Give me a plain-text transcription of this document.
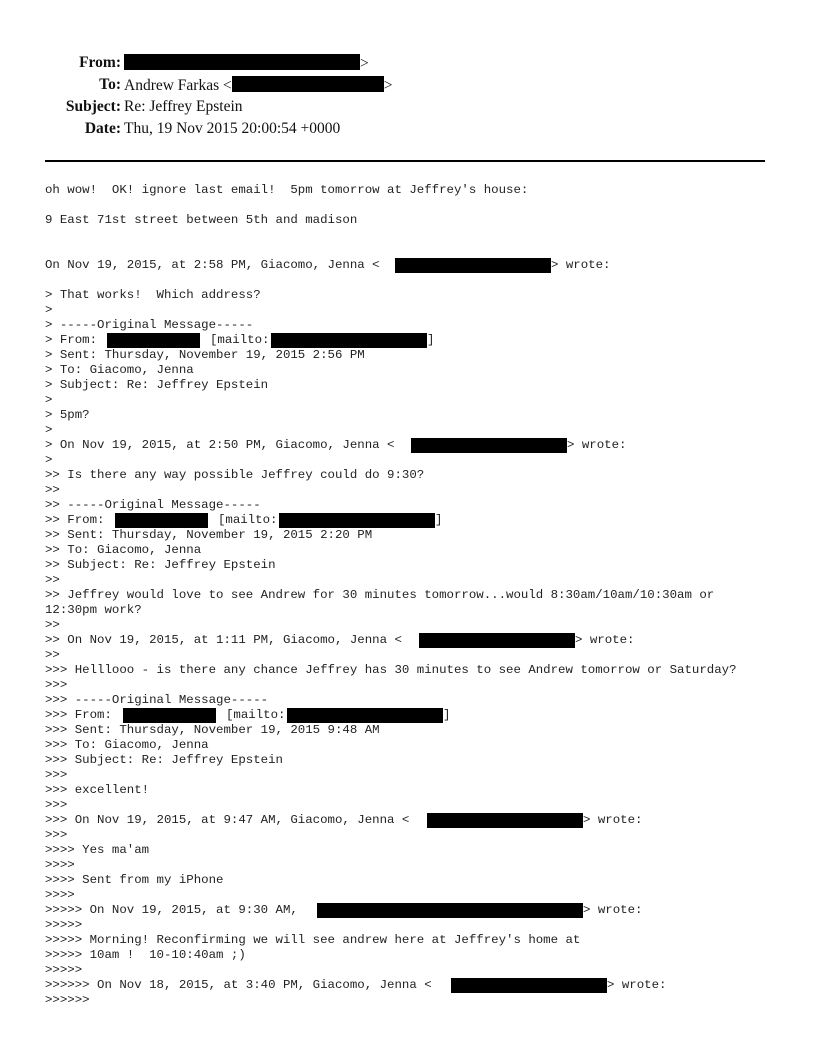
From:	>
To: Andrew Farkas <	>
Subject: Re: Jeffrey Epstein
Date: Thu, 19 Nov 2015 20:00:54 +0000
oh wow!  OK! ignore last email!  5pm tomorrow at Jeffrey's house:
9 East 71st street between 5th and madison
On Nov 19, 2015, at 2:58 PM, Giacomo, Jenna <	> wrote:
> That works!  Which address?
>
> -----Original Message-----
> From:	[mailto:	]
> Sent: Thursday, November 19, 2015 2:56 PM
> To: Giacomo, Jenna
> Subject: Re: Jeffrey Epstein
>
> 5pm?
>
> On Nov 19, 2015, at 2:50 PM, Giacomo, Jenna <	> wrote:
>
>> Is there any way possible Jeffrey could do 9:30?
>>
>> -----Original Message-----
>> From:	[mailto:	]
>> Sent: Thursday, November 19, 2015 2:20 PM
>> To: Giacomo, Jenna
>> Subject: Re: Jeffrey Epstein
>>
>> Jeffrey would love to see Andrew for 30 minutes tomorrow...would 8:30am/10am/10:30am or
12:30pm work?
>>
>> On Nov 19, 2015, at 1:11 PM, Giacomo, Jenna <	> wrote:
>>
>>> Helllooo - is there any chance Jeffrey has 30 minutes to see Andrew tomorrow or Saturday?
>>>
>>> -----Original Message-----
>>> From:	[mailto:	]
>>> Sent: Thursday, November 19, 2015 9:48 AM
>>> To: Giacomo, Jenna
>>> Subject: Re: Jeffrey Epstein
>>>
>>> excellent!
>>>
>>> On Nov 19, 2015, at 9:47 AM, Giacomo, Jenna <	> wrote:
>>>
>>>> Yes ma'am
>>>>
>>>> Sent from my iPhone
>>>>
>>>>> On Nov 19, 2015, at 9:30 AM,	> wrote:
>>>>>
>>>>> Morning! Reconfirming we will see andrew here at Jeffrey's home at
>>>>> 10am !  10-10:40am ;)
>>>>>
>>>>>> On Nov 18, 2015, at 3:40 PM, Giacomo, Jenna <	> wrote:
>>>>>>
